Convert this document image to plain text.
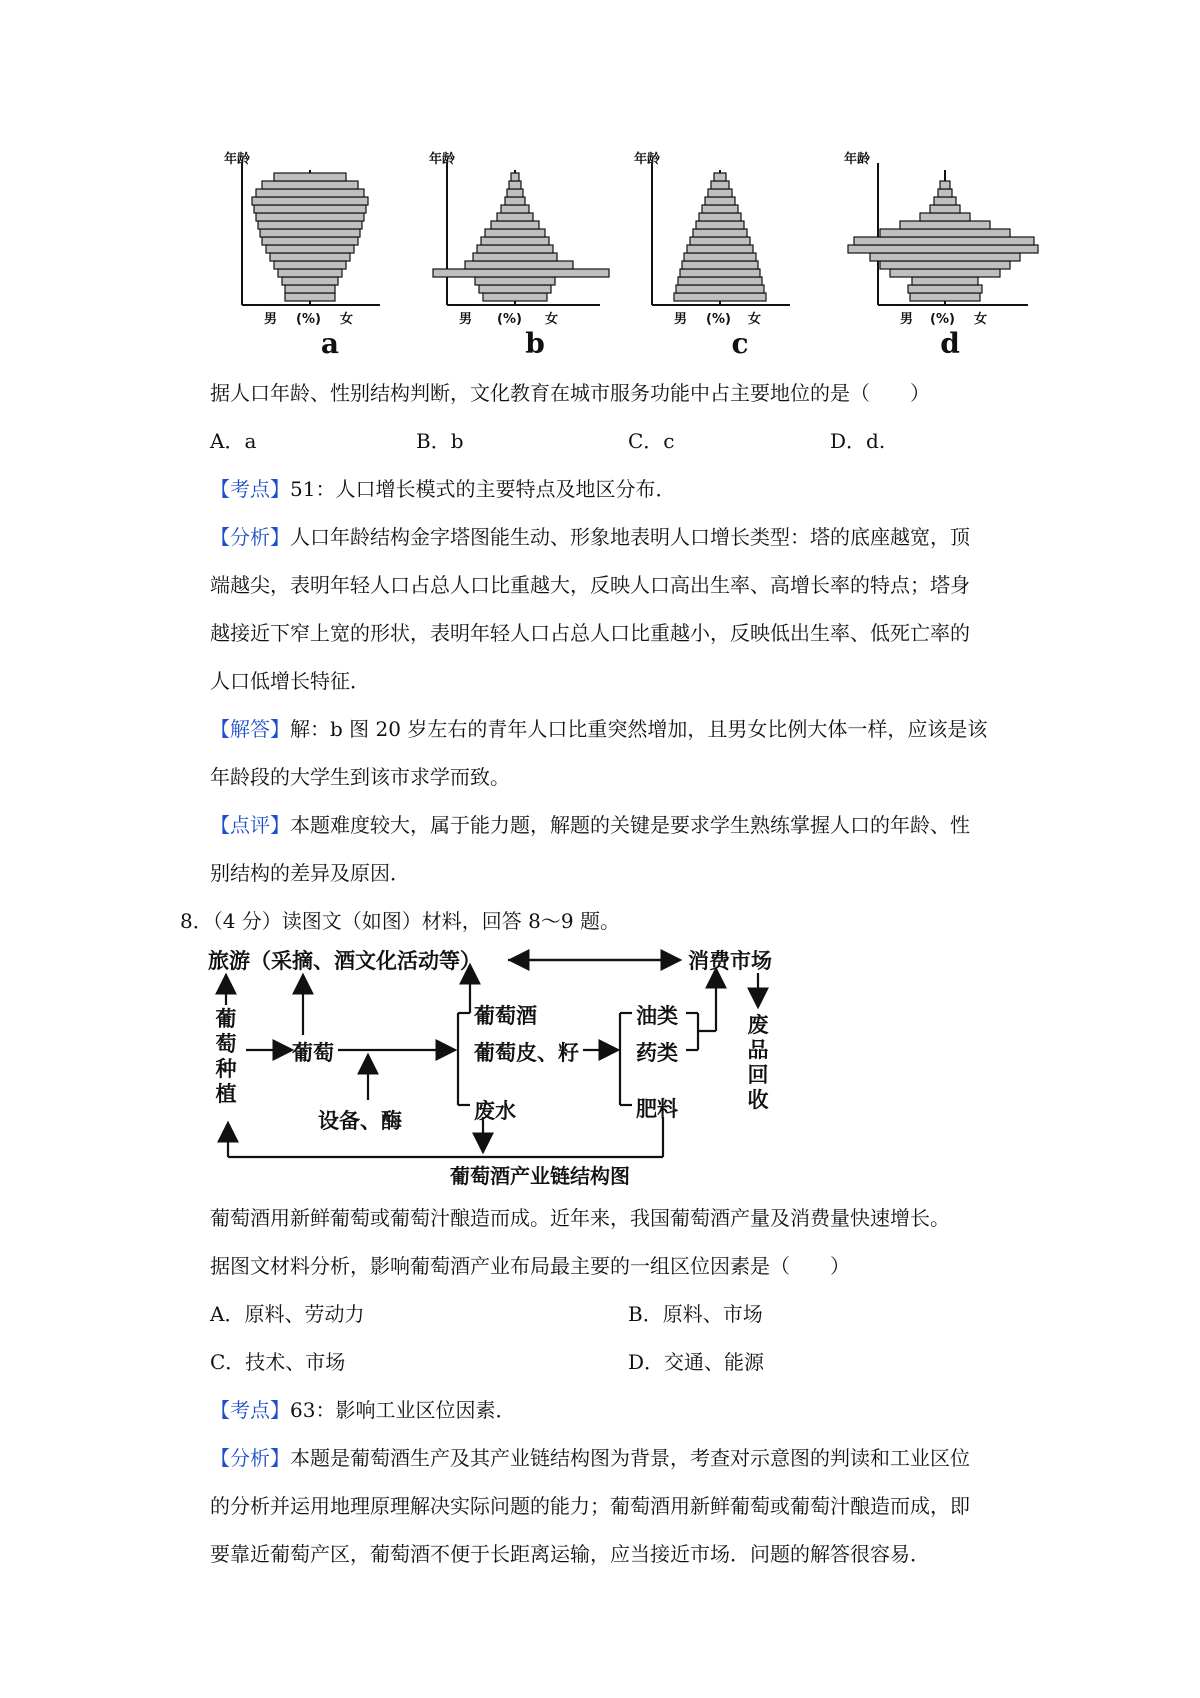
年龄
男 (%) 女
a
年龄
男 (%) 女
b
年龄
男 (%) 女
c
年龄
男 (%) 女
d
据人口年龄、性别结构判断，文化教育在城市服务功能中占主要地位的是（　　）
A．a	B．b	C．c	D．d.
【考点】51：人口增长模式的主要特点及地区分布．
【分析】人口年龄结构金字塔图能生动、形象地表明人口增长类型：塔的底座越宽，顶
端越尖，表明年轻人口占总人口比重越大，反映人口高出生率、高增长率的特点；塔身
越接近下窄上宽的形状，表明年轻人口占总人口比重越小，反映低出生率、低死亡率的
人口低增长特征．
【解答】解：b 图 20 岁左右的青年人口比重突然增加，且男女比例大体一样，应该是该
年龄段的大学生到该市求学而致。
【点评】本题难度较大，属于能力题，解题的关键是要求学生熟练掌握人口的年龄、性
别结构的差异及原因．
8．（4 分）读图文（如图）材料，回答 8～9 题。
旅游（采摘、酒文化活动等）	消费市场
葡萄种植
葡萄
设备、酶
葡萄酒
葡萄皮、籽
废水
油类
药类
肥料
废品回收
葡萄酒产业链结构图
葡萄酒用新鲜葡萄或葡萄汁酿造而成。近年来，我国葡萄酒产量及消费量快速增长。
据图文材料分析，影响葡萄酒产业布局最主要的一组区位因素是（　　）
A．原料、劳动力	B．原料、市场
C．技术、市场	D．交通、能源
【考点】63：影响工业区位因素．
【分析】本题是葡萄酒生产及其产业链结构图为背景，考查对示意图的判读和工业区位
的分析并运用地理原理解决实际问题的能力；葡萄酒用新鲜葡萄或葡萄汁酿造而成，即
要靠近葡萄产区，葡萄酒不便于长距离运输，应当接近市场．问题的解答很容易．
